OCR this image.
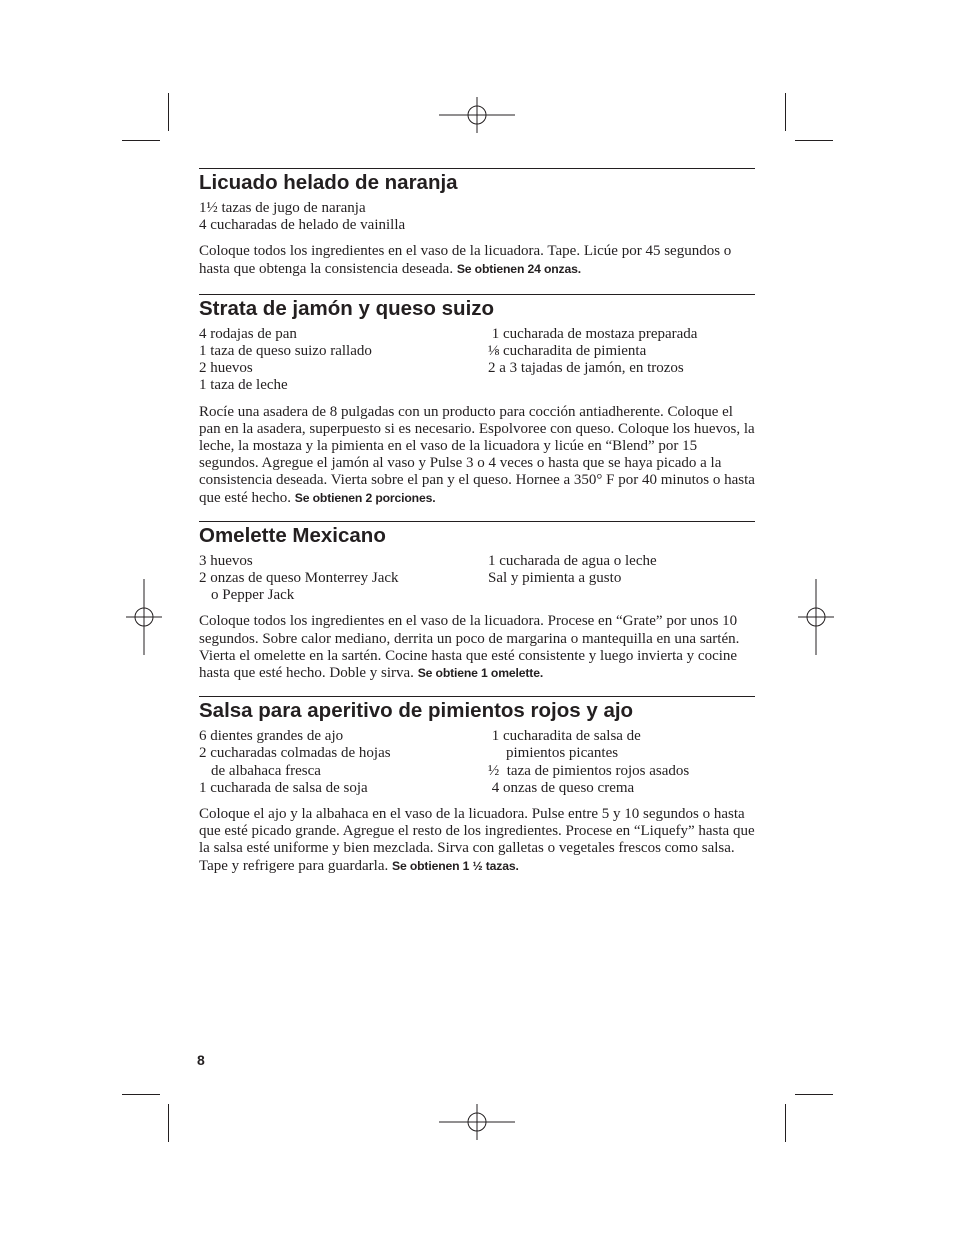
Licuado helado de naranja
1½ tazas de jugo de naranja
4 cucharadas de helado de vainilla

Coloque todos los ingredientes en el vaso de la licuadora. Tape. Licúe por 45 segundos o hasta que obtenga la consistencia deseada. Se obtienen 24 onzas.

Strata de jamón y queso suizo
4 rodajas de pan
1 taza de queso suizo rallado
2 huevos
1 taza de leche
1 cucharada de mostaza preparada
⅛ cucharadita de pimienta
2 a 3 tajadas de jamón, en trozos

Rocíe una asadera de 8 pulgadas con un producto para cocción antiadherente. Coloque el pan en la asadera, superpuesto si es necesario. Espolvoree con queso. Coloque los huevos, la leche, la mostaza y la pimienta en el vaso de la licuadora y licúe en “Blend” por 15 segundos. Agregue el jamón al vaso y Pulse 3 o 4 veces o hasta que se haya picado a la consistencia deseada. Vierta sobre el pan y el queso. Hornee a 350° F por 40 minutos o hasta que esté hecho. Se obtienen 2 porciones.

Omelette Mexicano
3 huevos
2 onzas de queso Monterrey Jack
o Pepper Jack
1 cucharada de agua o leche
Sal y pimienta a gusto

Coloque todos los ingredientes en el vaso de la licuadora. Procese en “Grate” por unos 10 segundos. Sobre calor mediano, derrita un poco de margarina o mantequilla en una sartén. Vierta el omelette en la sartén. Cocine hasta que esté consistente y luego invierta y cocine hasta que esté hecho. Doble y sirva. Se obtiene 1 omelette.

Salsa para aperitivo de pimientos rojos y ajo
6 dientes grandes de ajo
2 cucharadas colmadas de hojas
de albahaca fresca
1 cucharada de salsa de soja
1 cucharadita de salsa de
pimientos picantes
½  taza de pimientos rojos asados
4 onzas de queso crema

Coloque el ajo y la albahaca en el vaso de la licuadora. Pulse entre 5 y 10 segundos o hasta que esté picado grande. Agregue el resto de los ingredientes. Procese en “Liquefy” hasta que la salsa esté uniforme y bien mezclada. Sirva con galletas o vegetales frescos como salsa. Tape y refrigere para guardarla. Se obtienen 1 ½ tazas.

8
